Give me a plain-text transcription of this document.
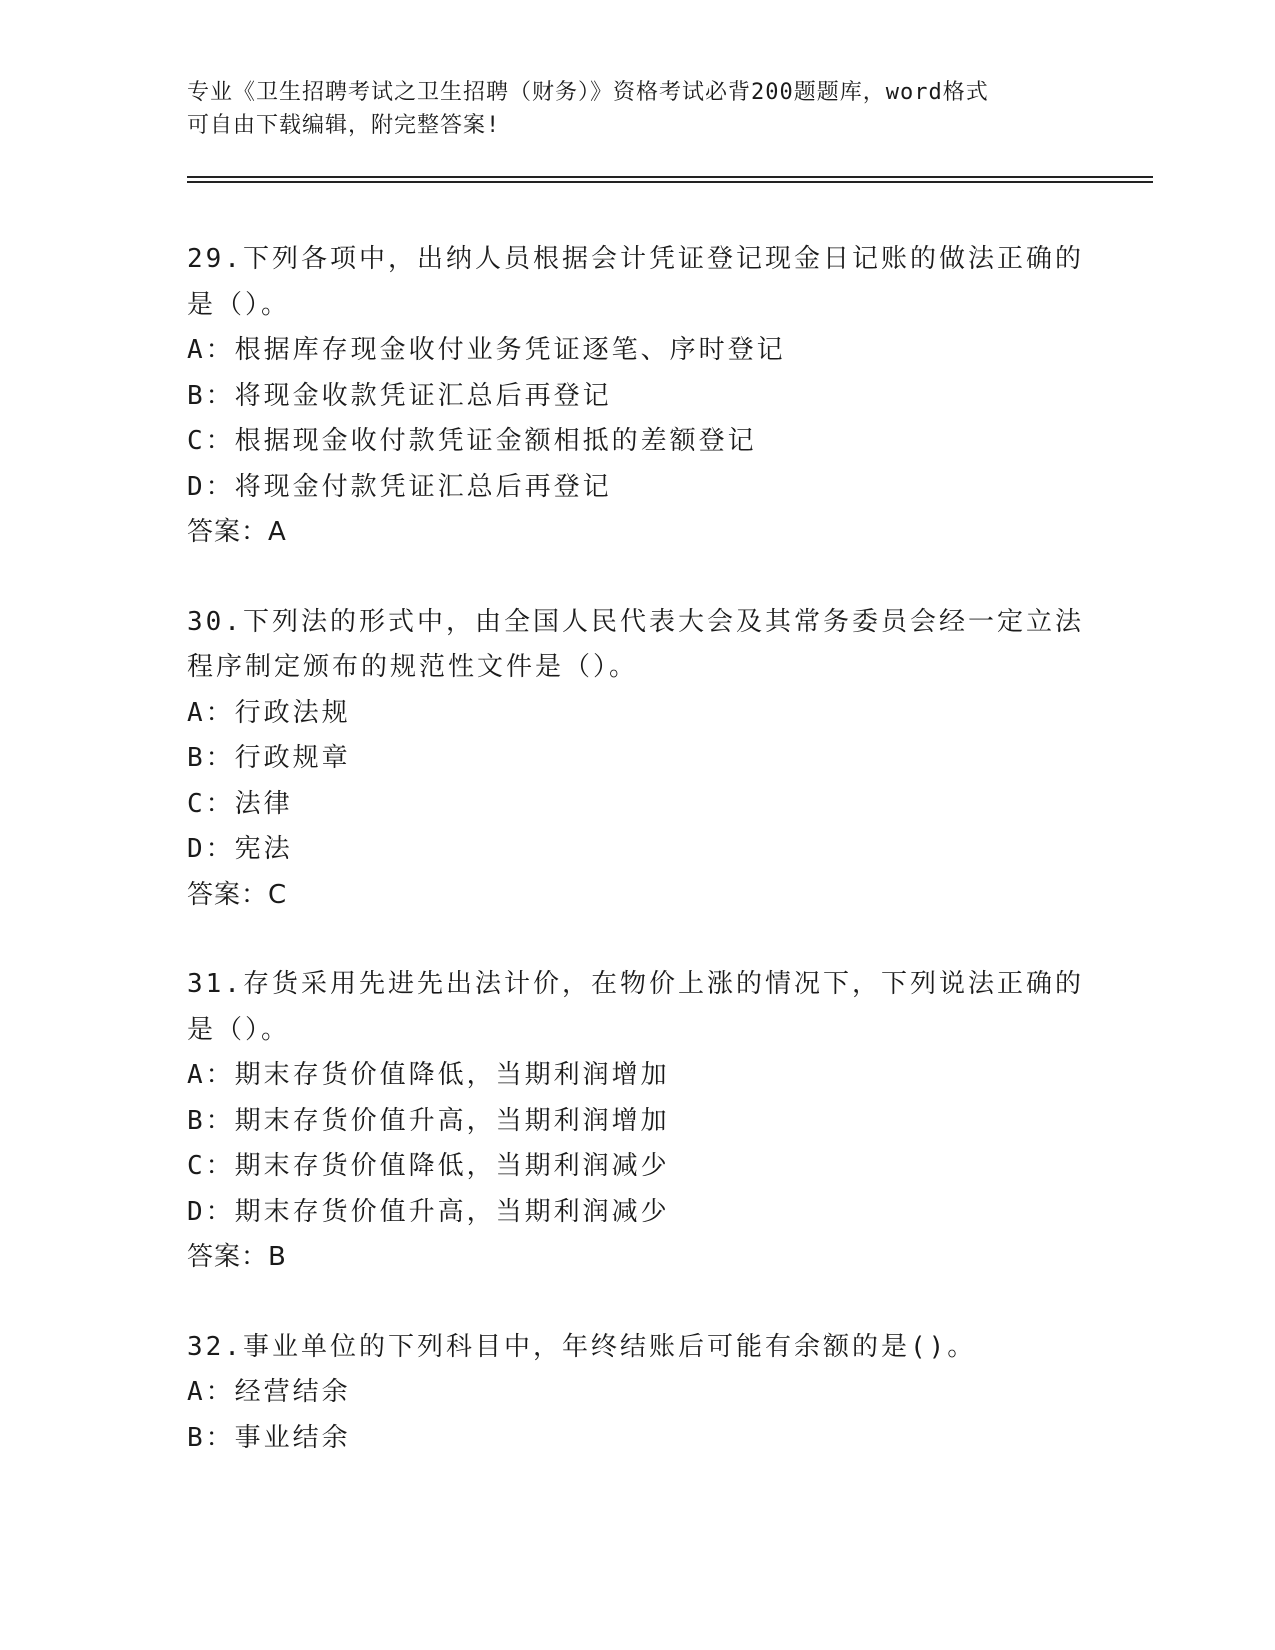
专业《卫生招聘考试之卫生招聘（财务）》资格考试必背200题题库，word格式
可自由下载编辑，附完整答案!

29.下列各项中，出纳人员根据会计凭证登记现金日记账的做法正确的

是（）。

A：根据库存现金收付业务凭证逐笔、序时登记

B：将现金收款凭证汇总后再登记

C：根据现金收付款凭证金额相抵的差额登记

D：将现金付款凭证汇总后再登记

答案：A

30.下列法的形式中，由全国人民代表大会及其常务委员会经一定立法

程序制定颁布的规范性文件是（）。

A：行政法规

B：行政规章

C：法律

D：宪法

答案：C

31.存货采用先进先出法计价，在物价上涨的情况下，下列说法正确的

是（）。

A：期末存货价值降低，当期利润增加

B：期末存货价值升高，当期利润增加

C：期末存货价值降低，当期利润减少

D：期末存货价值升高，当期利润减少

答案：B

32.事业单位的下列科目中，年终结账后可能有余额的是()。

A：经营结余

B：事业结余
